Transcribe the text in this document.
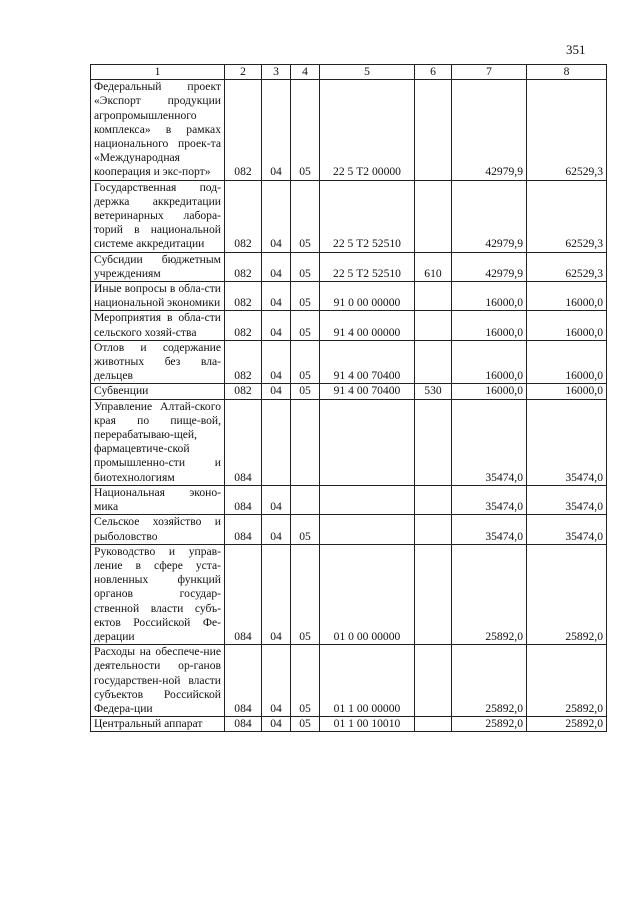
351
1	2	3	4	5	6	7	8
Федеральный проект «Экспорт продукции агропромышленного комплекса» в рамках национального проек-та «Международная кооперация и экс-порт»	082	04	05	22 5 Т2 00000		42979,9	62529,3
Государственная под-держка аккредитации ветеринарных лабора-торий в национальной системе аккредитации	082	04	05	22 5 Т2 52510		42979,9	62529,3
Субсидии бюджетным учреждениям	082	04	05	22 5 Т2 52510	610	42979,9	62529,3
Иные вопросы в обла-сти национальной экономики	082	04	05	91 0 00 00000		16000,0	16000,0
Мероприятия в обла-сти сельского хозяй-ства	082	04	05	91 4 00 00000		16000,0	16000,0
Отлов и содержание животных без вла-дельцев	082	04	05	91 4 00 70400		16000,0	16000,0
Субвенции	082	04	05	91 4 00 70400	530	16000,0	16000,0
Управление Алтай-ского края по пище-вой, перерабатываю-щей, фармацевтиче-ской промышленно-сти и биотехнологиям	084					35474,0	35474,0
Национальная эконо-мика	084	04				35474,0	35474,0
Сельское хозяйство и рыболовство	084	04	05			35474,0	35474,0
Руководство и управ-ление в сфере уста-новленных функций органов государ-ственной власти субъ-ектов Российской Фе-дерации	084	04	05	01 0 00 00000		25892,0	25892,0
Расходы на обеспече-ние деятельности ор-ганов государствен-ной власти субъектов Российской Федера-ции	084	04	05	01 1 00 00000		25892,0	25892,0
Центральный аппарат	084	04	05	01 1 00 10010		25892,0	25892,0
